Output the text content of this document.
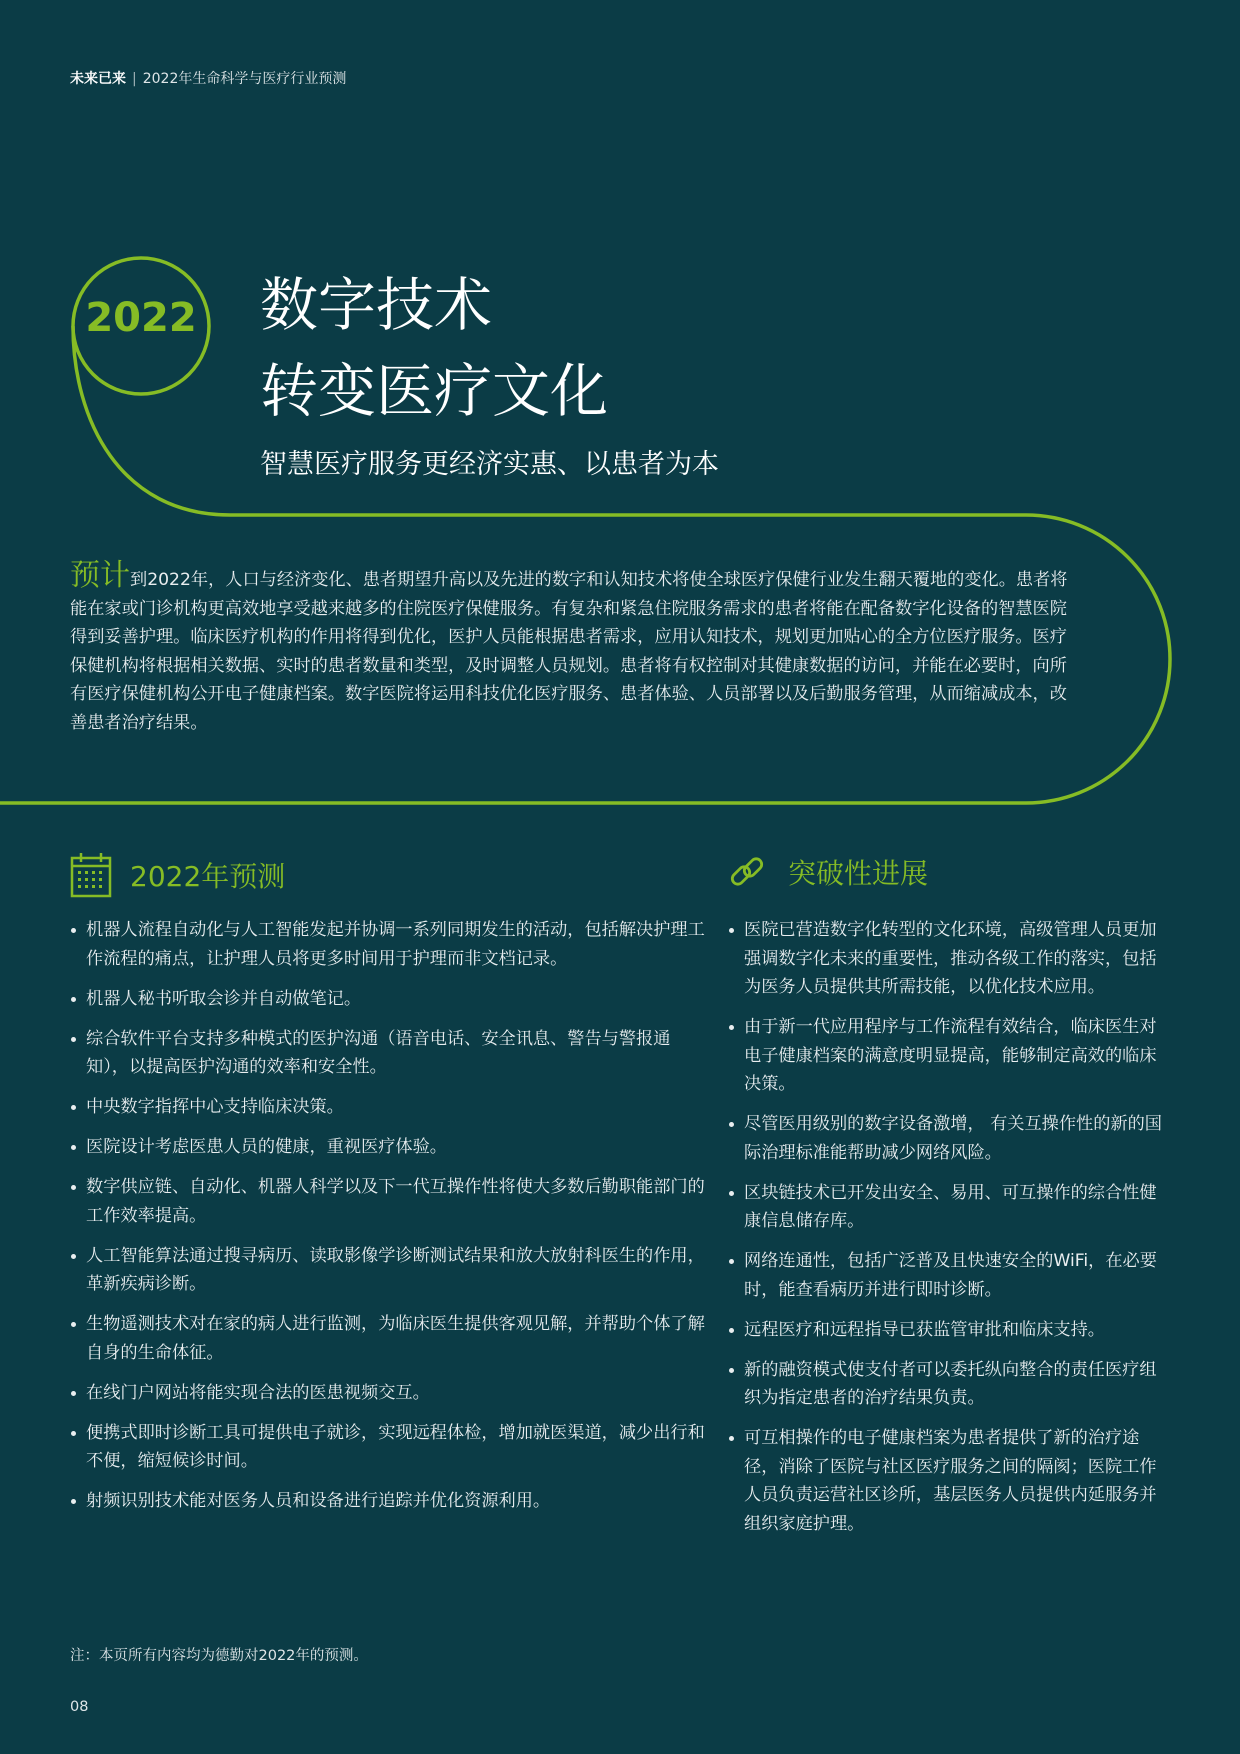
未来已来 | 2022年生命科学与医疗行业预测
2022 数字技术
转变医疗文化
智慧医疗服务更经济实惠、以患者为本

预计到2022年，人口与经济变化、患者期望升高以及先进的数字和认知技术将使全球医疗保健行业发生翻天覆地的变化。患者将能在家或门诊机构更高效地享受越来越多的住院医疗保健服务。有复杂和紧急住院服务需求的患者将能在配备数字化设备的智慧医院得到妥善护理。临床医疗机构的作用将得到优化，医护人员能根据患者需求，应用认知技术，规划更加贴心的全方位医疗服务。医疗保健机构将根据相关数据、实时的患者数量和类型，及时调整人员规划。患者将有权控制对其健康数据的访问，并能在必要时，向所有医疗保健机构公开电子健康档案。数字医院将运用科技优化医疗服务、患者体验、人员部署以及后勤服务管理，从而缩减成本，改善患者治疗结果。

2022年预测
机器人流程自动化与人工智能发起并协调一系列同期发生的活动，包括解决护理工作流程的痛点，让护理人员将更多时间用于护理而非文档记录。
机器人秘书听取会诊并自动做笔记。
综合软件平台支持多种模式的医护沟通（语音电话、安全讯息、警告与警报通知），以提高医护沟通的效率和安全性。
中央数字指挥中心支持临床决策。
医院设计考虑医患人员的健康，重视医疗体验。
数字供应链、自动化、机器人科学以及下一代互操作性将使大多数后勤职能部门的工作效率提高。
人工智能算法通过搜寻病历、读取影像学诊断测试结果和放大放射科医生的作用，革新疾病诊断。
生物遥测技术对在家的病人进行监测，为临床医生提供客观见解，并帮助个体了解自身的生命体征。
在线门户网站将能实现合法的医患视频交互。
便携式即时诊断工具可提供电子就诊，实现远程体检，增加就医渠道，减少出行和不便，缩短候诊时间。
射频识别技术能对医务人员和设备进行追踪并优化资源利用。
突破性进展
医院已营造数字化转型的文化环境，高级管理人员更加强调数字化未来的重要性，推动各级工作的落实，包括为医务人员提供其所需技能，以优化技术应用。
由于新一代应用程序与工作流程有效结合，临床医生对电子健康档案的满意度明显提高，能够制定高效的临床决策。
尽管医用级别的数字设备激增， 有关互操作性的新的国际治理标准能帮助减少网络风险。
区块链技术已开发出安全、易用、可互操作的综合性健康信息储存库。
网络连通性，包括广泛普及且快速安全的WiFi，在必要时，能查看病历并进行即时诊断。
远程医疗和远程指导已获监管审批和临床支持。
新的融资模式使支付者可以委托纵向整合的责任医疗组织为指定患者的治疗结果负责。
可互相操作的电子健康档案为患者提供了新的治疗途径，消除了医院与社区医疗服务之间的隔阂；医院工作人员负责运营社区诊所，基层医务人员提供内延服务并组织家庭护理。
注：本页所有内容均为德勤对2022年的预测。
08
